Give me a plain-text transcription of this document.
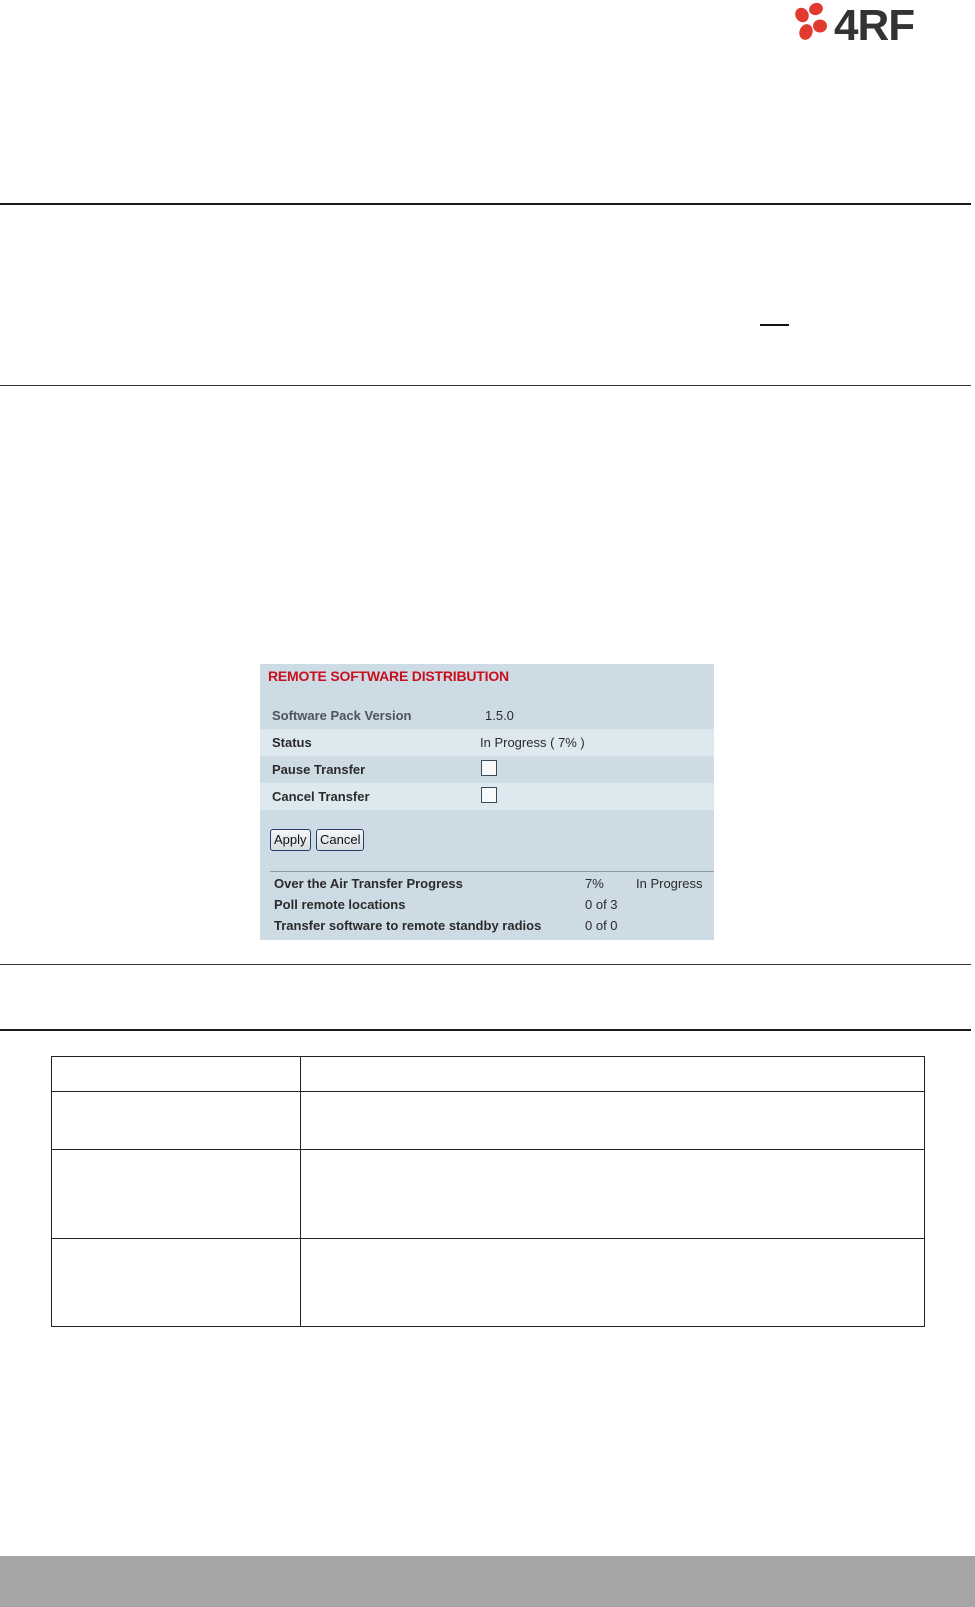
4RF
REMOTE SOFTWARE DISTRIBUTION
Software Pack Version	1.5.0
Status	In Progress ( 7% )
Pause Transfer
Cancel Transfer
Apply	Cancel
Over the Air Transfer Progress	7% In Progress
Poll remote locations	0 of 3
Transfer software to remote standby radios	0 of 0
